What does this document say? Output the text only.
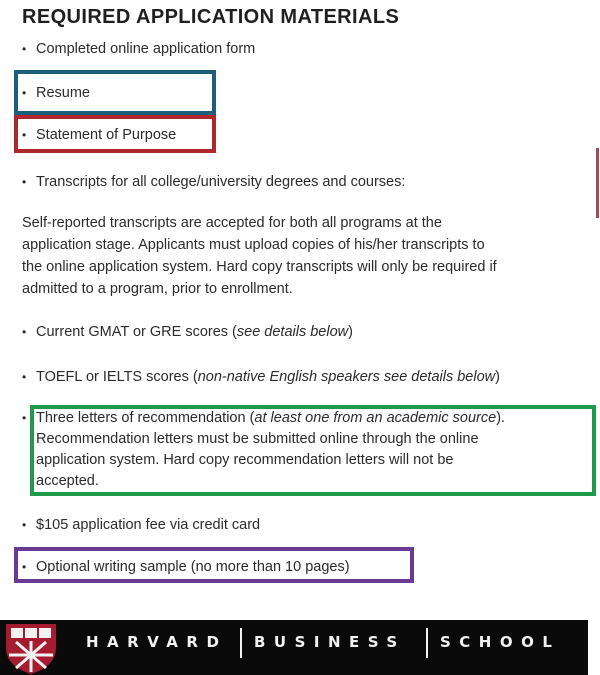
REQUIRED APPLICATION MATERIALS
• Completed online application form
• Resume
• Statement of Purpose
• Transcripts for all college/university degrees and courses:
Self-reported transcripts are accepted for both all programs at the
application stage. Applicants must upload copies of his/her transcripts to
the online application system. Hard copy transcripts will only be required if
admitted to a program, prior to enrollment.
• Current GMAT or GRE scores (see details below)
• TOEFL or IELTS scores (non-native English speakers see details below)
• Three letters of recommendation (at least one from an academic source).
Recommendation letters must be submitted online through the online
application system. Hard copy recommendation letters will not be
accepted.
• $105 application fee via credit card
• Optional writing sample (no more than 10 pages)
HARVARD BUSINESS SCHOOL
